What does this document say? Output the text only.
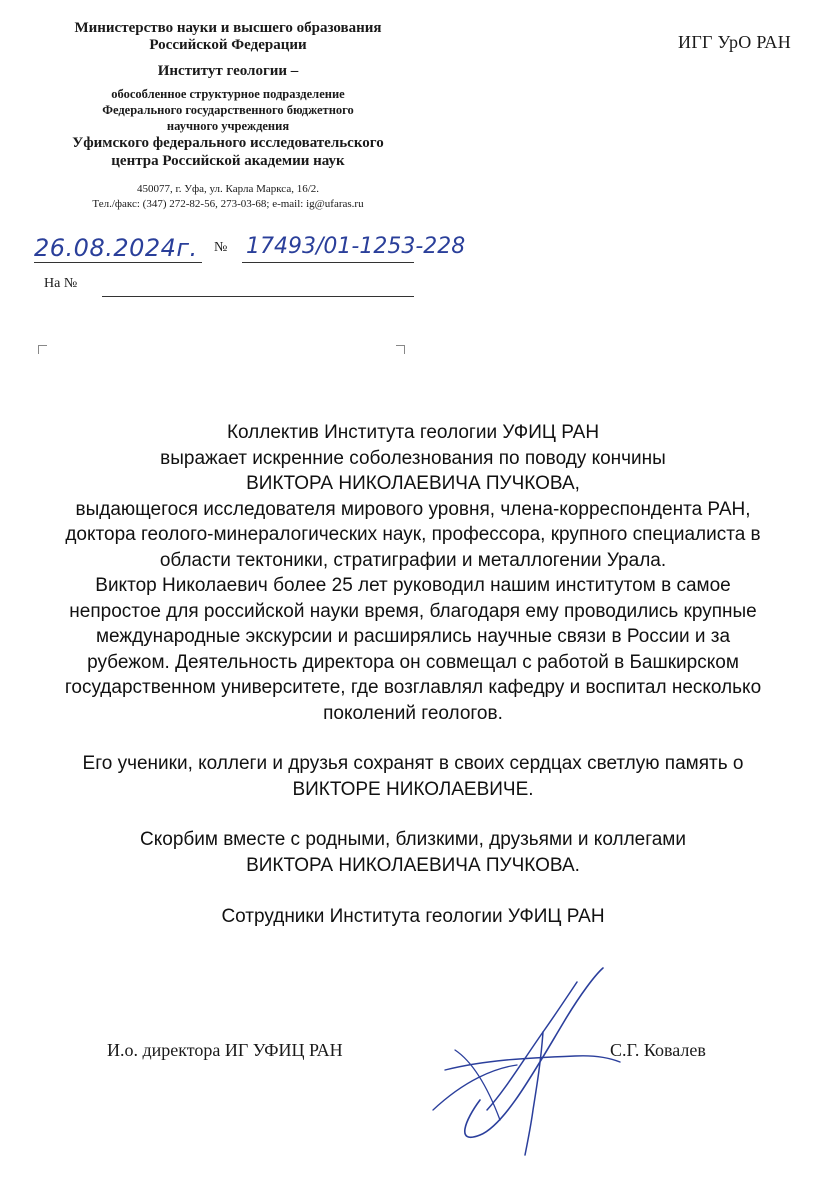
Министерство науки и высшего образования
Российской Федерации
Институт геологии –
обособленное структурное подразделение
Федерального государственного бюджетного
научного учреждения
Уфимского федерального исследовательского
центра Российской академии наук
450077, г. Уфа, ул. Карла Маркса, 16/2.
Тел./факс: (347) 272-82-56, 273-03-68; e-mail: ig@ufaras.ru
ИГГ УрО РАН
26.08.2024г. № 17493/01-1253-228
На №
Коллектив Института геологии УФИЦ РАН
выражает искренние соболезнования по поводу кончины
ВИКТОРА НИКОЛАЕВИЧА ПУЧКОВА,
выдающегося исследователя мирового уровня, члена-корреспондента РАН,
доктора геолого-минералогических наук, профессора, крупного специалиста в
области тектоники, стратиграфии и металлогении Урала.
Виктор Николаевич более 25 лет руководил нашим институтом в самое
непростое для российской науки время, благодаря ему проводились крупные
международные экскурсии и расширялись научные связи в России и за
рубежом. Деятельность директора он совмещал с работой в Башкирском
государственном университете, где возглавлял кафедру и воспитал несколько
поколений геологов.
Его ученики, коллеги и друзья сохранят в своих сердцах светлую память о
ВИКТОРЕ НИКОЛАЕВИЧЕ.
Скорбим вместе с родными, близкими, друзьями и коллегами
ВИКТОРА НИКОЛАЕВИЧА ПУЧКОВА.
Сотрудники Института геологии УФИЦ РАН
И.о. директора ИГ УФИЦ РАН	С.Г. Ковалев
